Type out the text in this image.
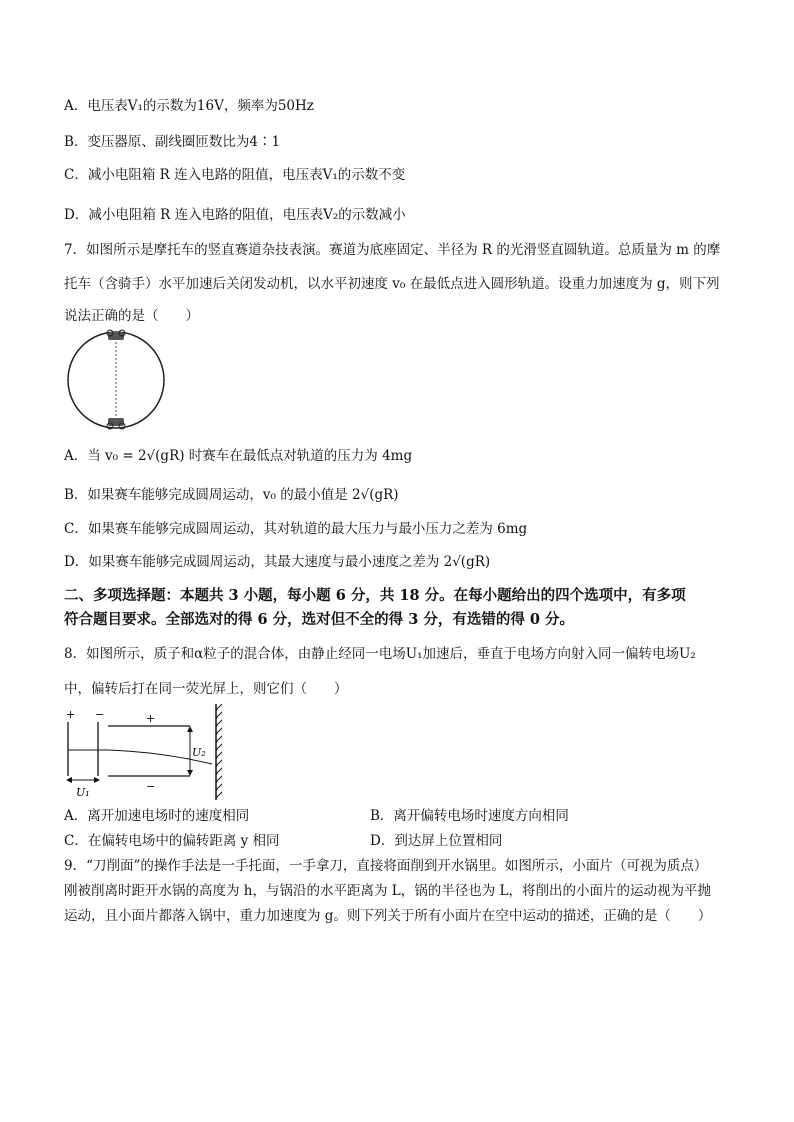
A．电压表V₁的示数为16V，频率为50Hz
B．变压器原、副线圈匝数比为4∶1
C．减小电阻箱 R 连入电路的阻值，电压表V₁的示数不变
D．减小电阻箱 R 连入电路的阻值，电压表V₂的示数减小
7．如图所示是摩托车的竖直赛道杂技表演。赛道为底座固定、半径为 R 的光滑竖直圆轨道。总质量为 m 的摩
托车（含骑手）水平加速后关闭发动机，以水平初速度 v₀ 在最低点进入圆形轨道。设重力加速度为 g，则下列
说法正确的是（　　）
A．当 v₀ = 2√(gR) 时赛车在最低点对轨道的压力为 4mg
B．如果赛车能够完成圆周运动，v₀ 的最小值是 2√(gR)
C．如果赛车能够完成圆周运动，其对轨道的最大压力与最小压力之差为 6mg
D．如果赛车能够完成圆周运动，其最大速度与最小速度之差为 2√(gR)
二、多项选择题：本题共 3 小题，每小题 6 分，共 18 分。在每小题给出的四个选项中，有多项
符合题目要求。全部选对的得 6 分，选对但不全的得 3 分，有选错的得 0 分。
8．如图所示，质子和α粒子的混合体，由静止经同一电场U₁加速后，垂直于电场方向射入同一偏转电场U₂
中，偏转后打在同一荧光屏上，则它们（　　）
+ −	+
−
U₂
U₁
A．离开加速电场时的速度相同	B．离开偏转电场时速度方向相同
C．在偏转电场中的偏转距离 y 相同	D．到达屏上位置相同
9．“刀削面”的操作手法是一手托面，一手拿刀，直接将面削到开水锅里。如图所示，小面片（可视为质点）
刚被削离时距开水锅的高度为 h，与锅沿的水平距离为 L，锅的半径也为 L，将削出的小面片的运动视为平抛
运动，且小面片都落入锅中，重力加速度为 g。则下列关于所有小面片在空中运动的描述，正确的是（　　）
